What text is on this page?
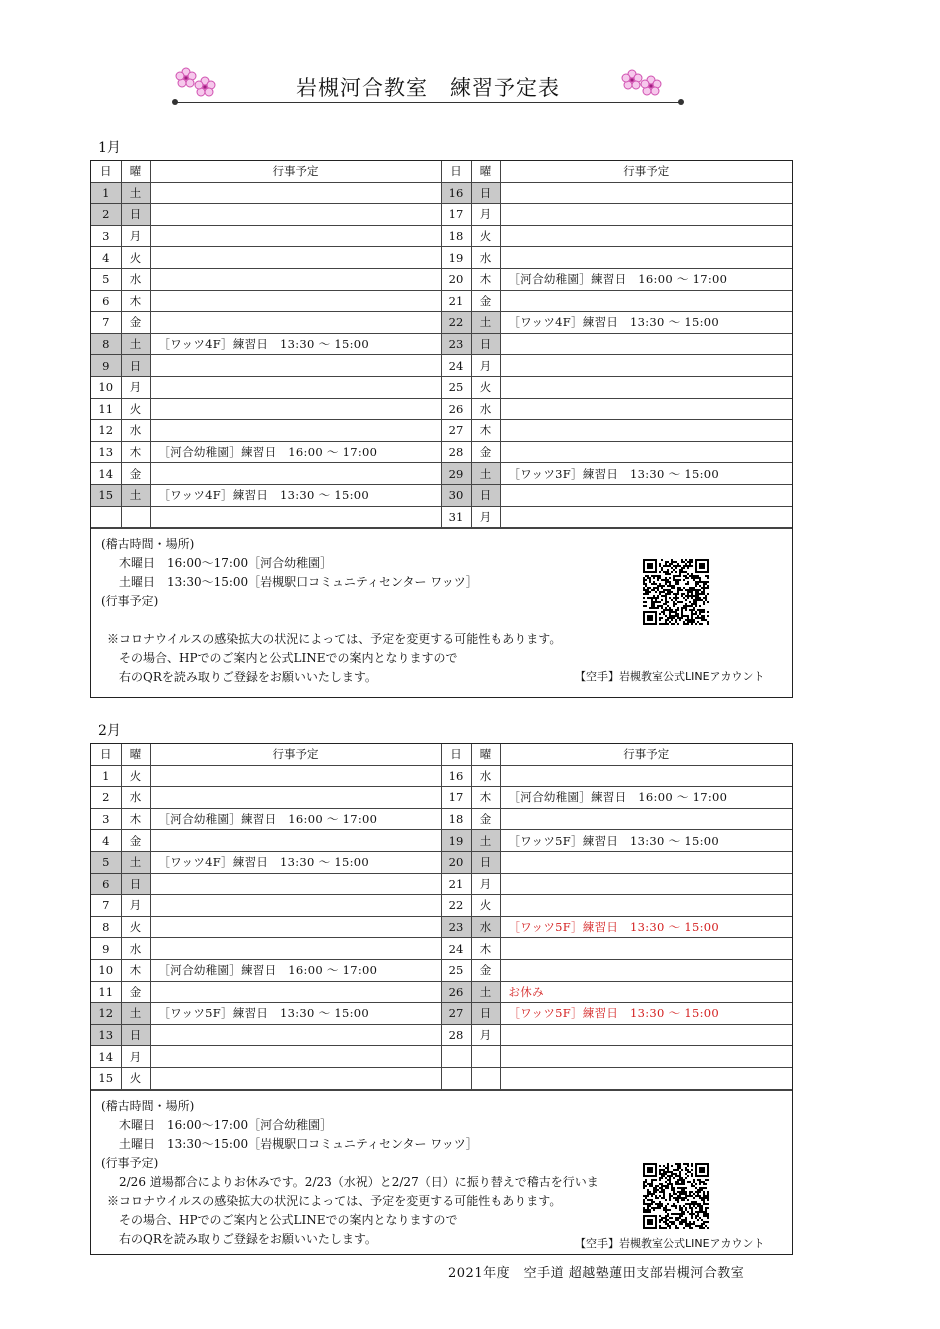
岩槻河合教室　練習予定表
1月
日	曜	行事予定	日	曜	行事予定
1	土		16	日	
2	日		17	月	
3	月		18	火	
4	火		19	水	
5	水		20	木	［河合幼稚園］練習日　16:00 〜 17:00
6	木		21	金	
7	金		22	土	［ワッツ4F］練習日　13:30 〜 15:00
8	土	［ワッツ4F］練習日　13:30 〜 15:00	23	日	
9	日		24	月	
10	月		25	火	
11	火		26	水	
12	水		27	木	
13	木	［河合幼稚園］練習日　16:00 〜 17:00	28	金	
14	金		29	土	［ワッツ3F］練習日　13:30 〜 15:00
15	土	［ワッツ4F］練習日　13:30 〜 15:00	30	日	
			31	月	
(稽古時間・場所)
木曜日　16:00〜17:00［河合幼稚園］
土曜日　13:30〜15:00［岩槻駅口コミュニティセンター ワッツ］
(行事予定)
※コロナウイルスの感染拡大の状況によっては、予定を変更する可能性もあります。
その場合、HPでのご案内と公式LINEでの案内となりますので
右のQRを読み取りご登録をお願いいたします。	【空手】岩槻教室公式LINEアカウント
2月
日	曜	行事予定	日	曜	行事予定
1	火		16	水	
2	水		17	木	［河合幼稚園］練習日　16:00 〜 17:00
3	木	［河合幼稚園］練習日　16:00 〜 17:00	18	金	
4	金		19	土	［ワッツ5F］練習日　13:30 〜 15:00
5	土	［ワッツ4F］練習日　13:30 〜 15:00	20	日	
6	日		21	月	
7	月		22	火	
8	火		23	水	［ワッツ5F］練習日　13:30 〜 15:00
9	水		24	木	
10	木	［河合幼稚園］練習日　16:00 〜 17:00	25	金	
11	金		26	土	お休み
12	土	［ワッツ5F］練習日　13:30 〜 15:00	27	日	［ワッツ5F］練習日　13:30 〜 15:00
13	日		28	月	
14	月				
15	火				
(稽古時間・場所)
木曜日　16:00〜17:00［河合幼稚園］
土曜日　13:30〜15:00［岩槻駅口コミュニティセンター ワッツ］
(行事予定)
2/26 道場都合によりお休みです。2/23（水祝）と2/27（日）に振り替えで稽古を行いま
※コロナウイルスの感染拡大の状況によっては、予定を変更する可能性もあります。
その場合、HPでのご案内と公式LINEでの案内となりますので
右のQRを読み取りご登録をお願いいたします。	【空手】岩槻教室公式LINEアカウント
2021年度　空手道 超越塾蓮田支部岩槻河合教室
